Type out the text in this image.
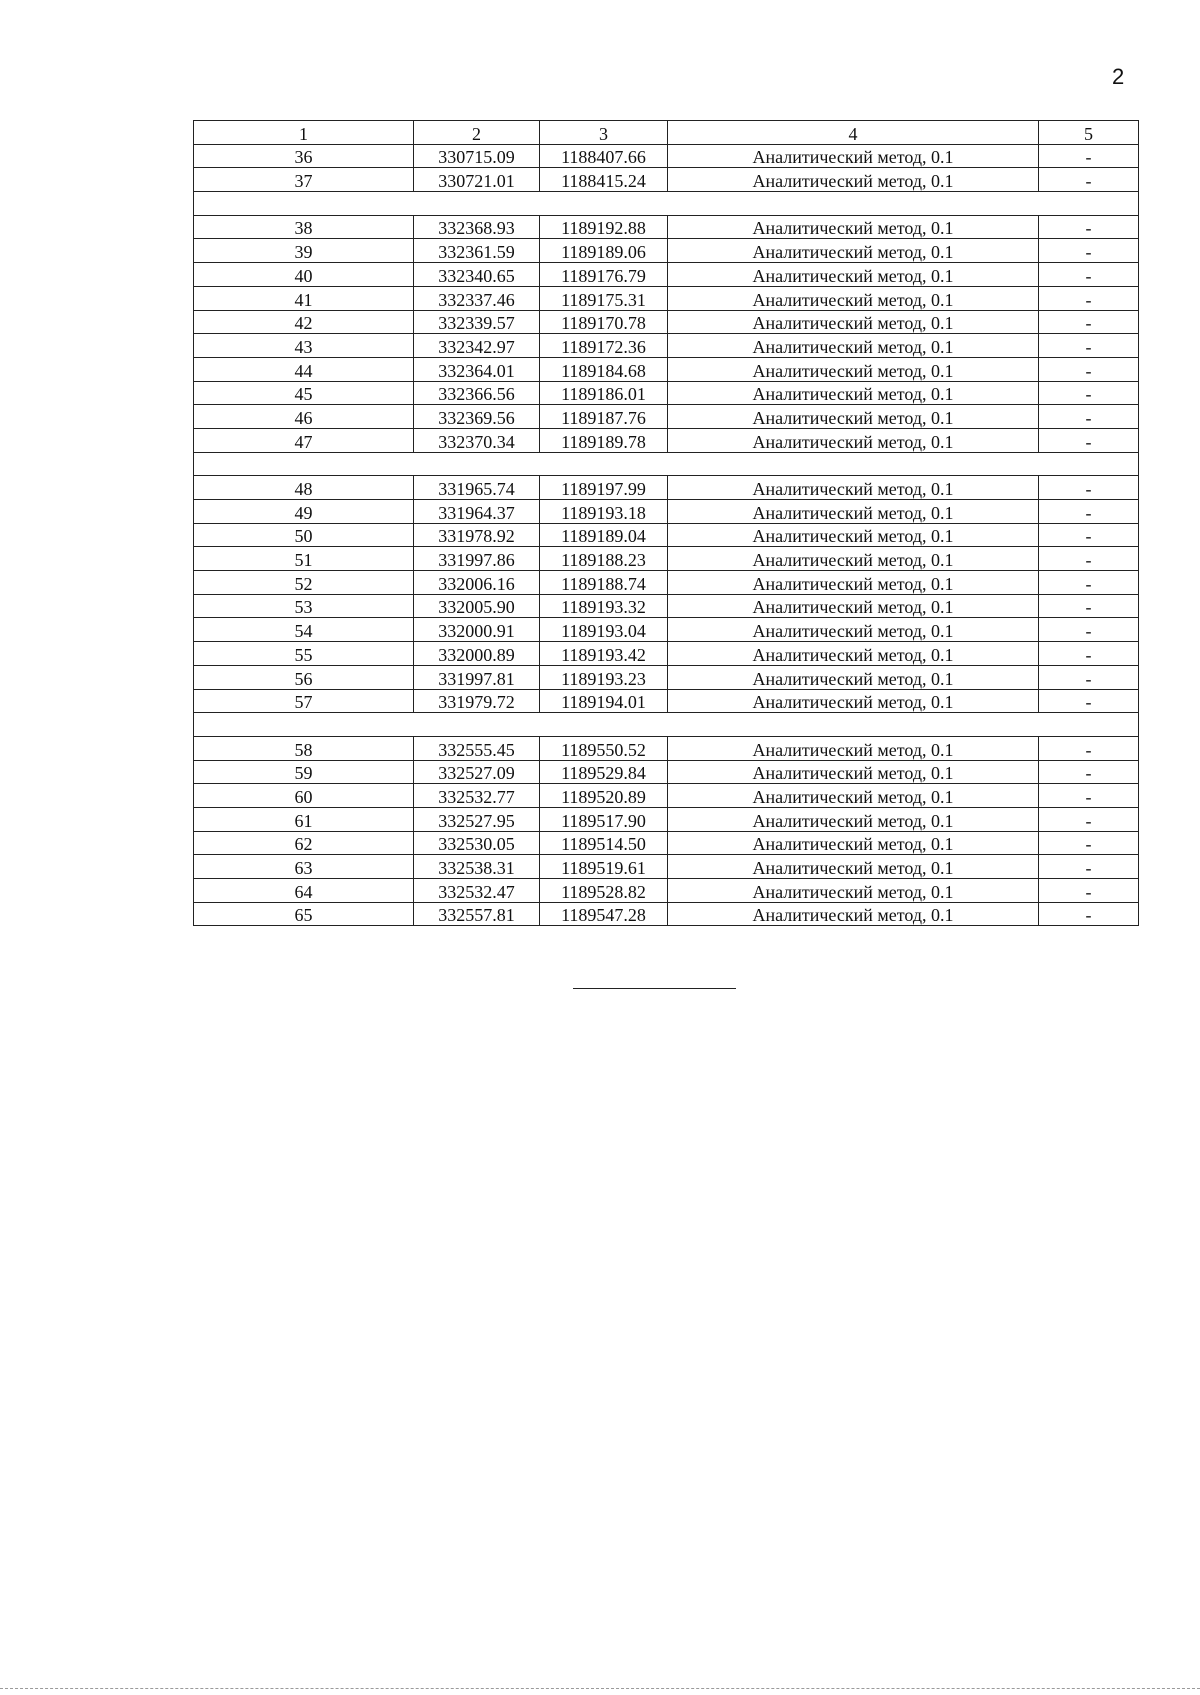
2
1	2	3	4	5
36	330715.09	1188407.66	Аналитический метод, 0.1	-
37	330721.01	1188415.24	Аналитический метод, 0.1	-

38	332368.93	1189192.88	Аналитический метод, 0.1	-
39	332361.59	1189189.06	Аналитический метод, 0.1	-
40	332340.65	1189176.79	Аналитический метод, 0.1	-
41	332337.46	1189175.31	Аналитический метод, 0.1	-
42	332339.57	1189170.78	Аналитический метод, 0.1	-
43	332342.97	1189172.36	Аналитический метод, 0.1	-
44	332364.01	1189184.68	Аналитический метод, 0.1	-
45	332366.56	1189186.01	Аналитический метод, 0.1	-
46	332369.56	1189187.76	Аналитический метод, 0.1	-
47	332370.34	1189189.78	Аналитический метод, 0.1	-

48	331965.74	1189197.99	Аналитический метод, 0.1	-
49	331964.37	1189193.18	Аналитический метод, 0.1	-
50	331978.92	1189189.04	Аналитический метод, 0.1	-
51	331997.86	1189188.23	Аналитический метод, 0.1	-
52	332006.16	1189188.74	Аналитический метод, 0.1	-
53	332005.90	1189193.32	Аналитический метод, 0.1	-
54	332000.91	1189193.04	Аналитический метод, 0.1	-
55	332000.89	1189193.42	Аналитический метод, 0.1	-
56	331997.81	1189193.23	Аналитический метод, 0.1	-
57	331979.72	1189194.01	Аналитический метод, 0.1	-

58	332555.45	1189550.52	Аналитический метод, 0.1	-
59	332527.09	1189529.84	Аналитический метод, 0.1	-
60	332532.77	1189520.89	Аналитический метод, 0.1	-
61	332527.95	1189517.90	Аналитический метод, 0.1	-
62	332530.05	1189514.50	Аналитический метод, 0.1	-
63	332538.31	1189519.61	Аналитический метод, 0.1	-
64	332532.47	1189528.82	Аналитический метод, 0.1	-
65	332557.81	1189547.28	Аналитический метод, 0.1	-
